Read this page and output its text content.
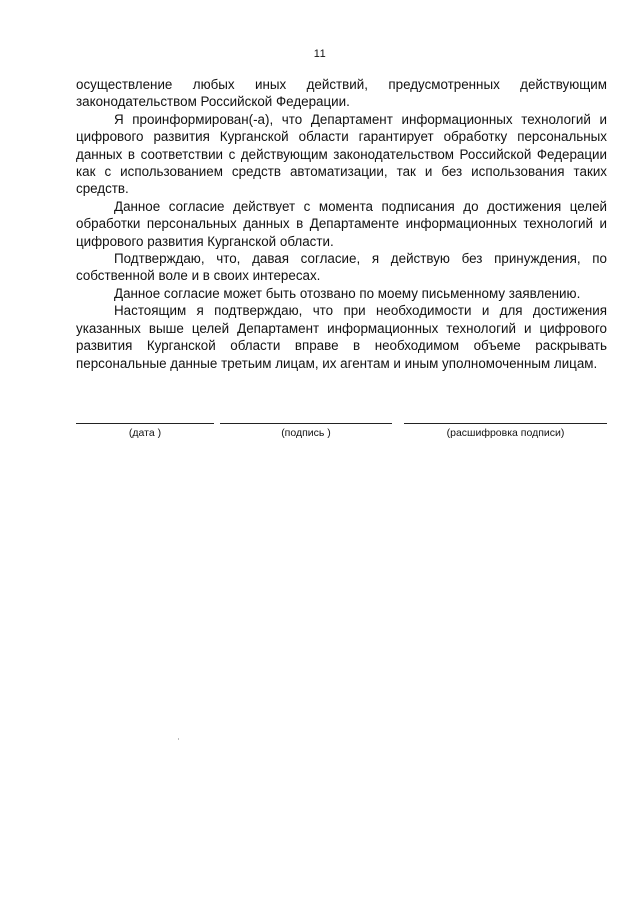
11

осуществление любых иных действий, предусмотренных действующим законодательством Российской Федерации.

Я проинформирован(-а), что Департамент информационных технологий и цифрового развития Курганской области гарантирует обработку персональных данных в соответствии с действующим законодательством Российской Федерации как с использованием средств автоматизации, так и без использования таких средств.

Данное согласие действует с момента подписания до достижения целей обработки персональных данных в Департаменте информационных технологий и цифрового развития Курганской области.

Подтверждаю, что, давая согласие, я действую без принуждения, по собственной воле и в своих интересах.

Данное согласие может быть отозвано по моему письменному заявлению.

Настоящим я подтверждаю, что при необходимости и для достижения указанных выше целей Департамент информационных технологий и цифрового развития Курганской области вправе в необходимом объеме раскрывать персональные данные третьим лицам, их агентам и иным уполномоченным лицам.

(дата )	(подпись )	(расшифровка подписи)
